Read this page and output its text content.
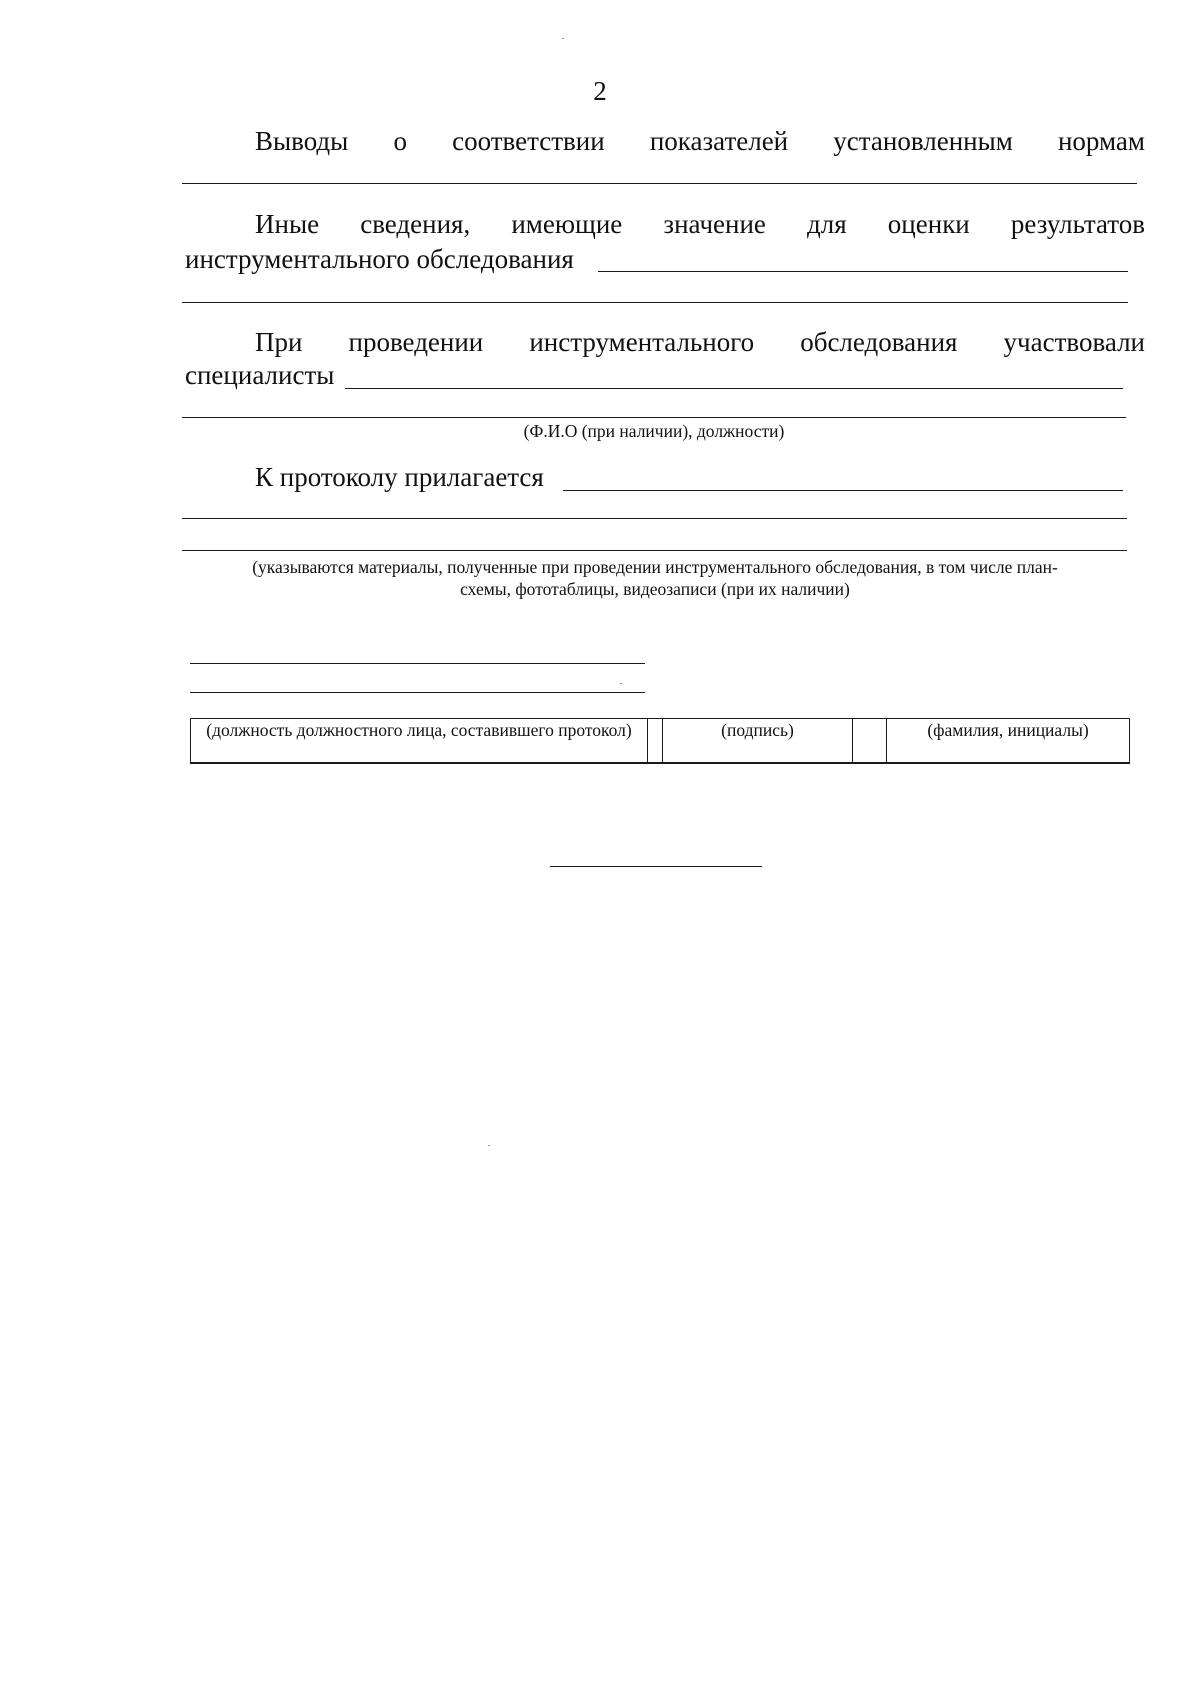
2
Выводы о соответствии показателей установленным нормам
Иные сведения, имеющие значение для оценки результатов
инструментального обследования
При проведении инструментального обследования участвовали
специалисты
(Ф.И.О (при наличии), должности)
К протоколу прилагается
(указываются материалы, полученные при проведении инструментального обследования, в том числе план-
схемы, фототаблицы, видеозаписи (при их наличии)
(должность должностного лица, составившего протокол)		(подпись)		(фамилия, инициалы)
